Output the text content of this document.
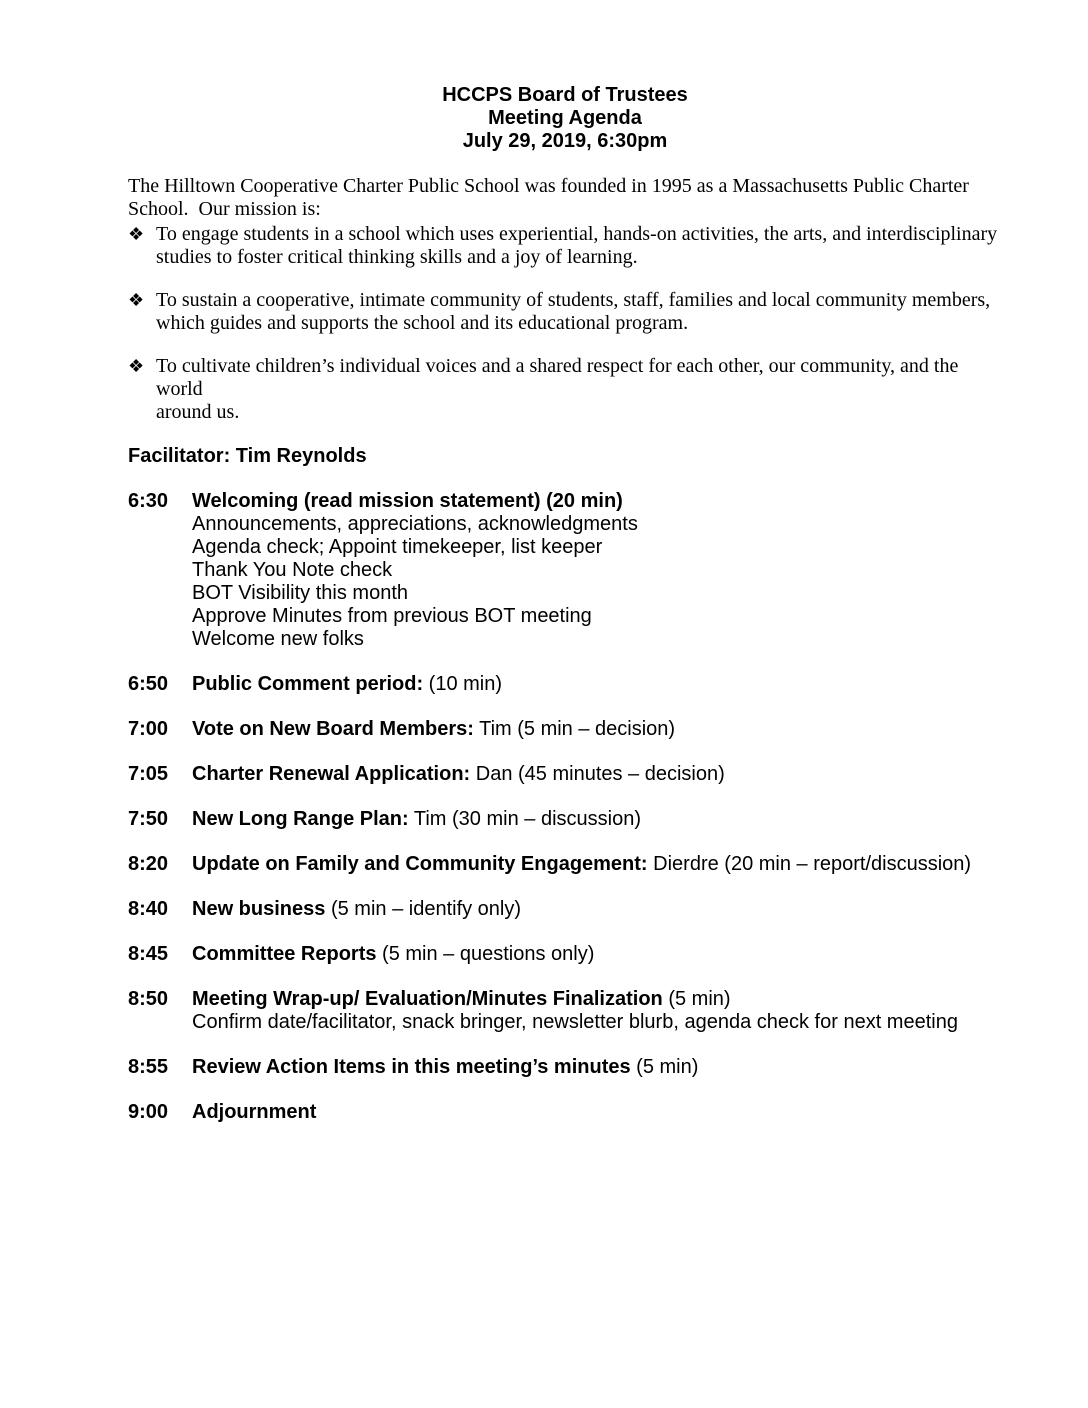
HCCPS Board of Trustees
Meeting Agenda
July 29, 2019, 6:30pm
The Hilltown Cooperative Charter Public School was founded in 1995 as a Massachusetts Public Charter
School.  Our mission is:
❖ To engage students in a school which uses experiential, hands-on activities, the arts, and interdisciplinary
studies to foster critical thinking skills and a joy of learning.
❖ To sustain a cooperative, intimate community of students, staff, families and local community members,
which guides and supports the school and its educational program.
❖ To cultivate children’s individual voices and a shared respect for each other, our community, and the world
around us.
Facilitator: Tim Reynolds
6:30	Welcoming (read mission statement) (20 min)
Announcements, appreciations, acknowledgments
Agenda check; Appoint timekeeper, list keeper
Thank You Note check
BOT Visibility this month
Approve Minutes from previous BOT meeting
Welcome new folks
6:50	Public Comment period: (10 min)
7:00	Vote on New Board Members: Tim (5 min – decision)
7:05	Charter Renewal Application: Dan (45 minutes – decision)
7:50	New Long Range Plan: Tim (30 min – discussion)
8:20	Update on Family and Community Engagement: Dierdre (20 min – report/discussion)
8:40	New business (5 min – identify only)
8:45	Committee Reports (5 min – questions only)
8:50	Meeting Wrap-up/ Evaluation/Minutes Finalization (5 min)
Confirm date/facilitator, snack bringer, newsletter blurb, agenda check for next meeting
8:55	Review Action Items in this meeting’s minutes (5 min)
9:00	Adjournment
